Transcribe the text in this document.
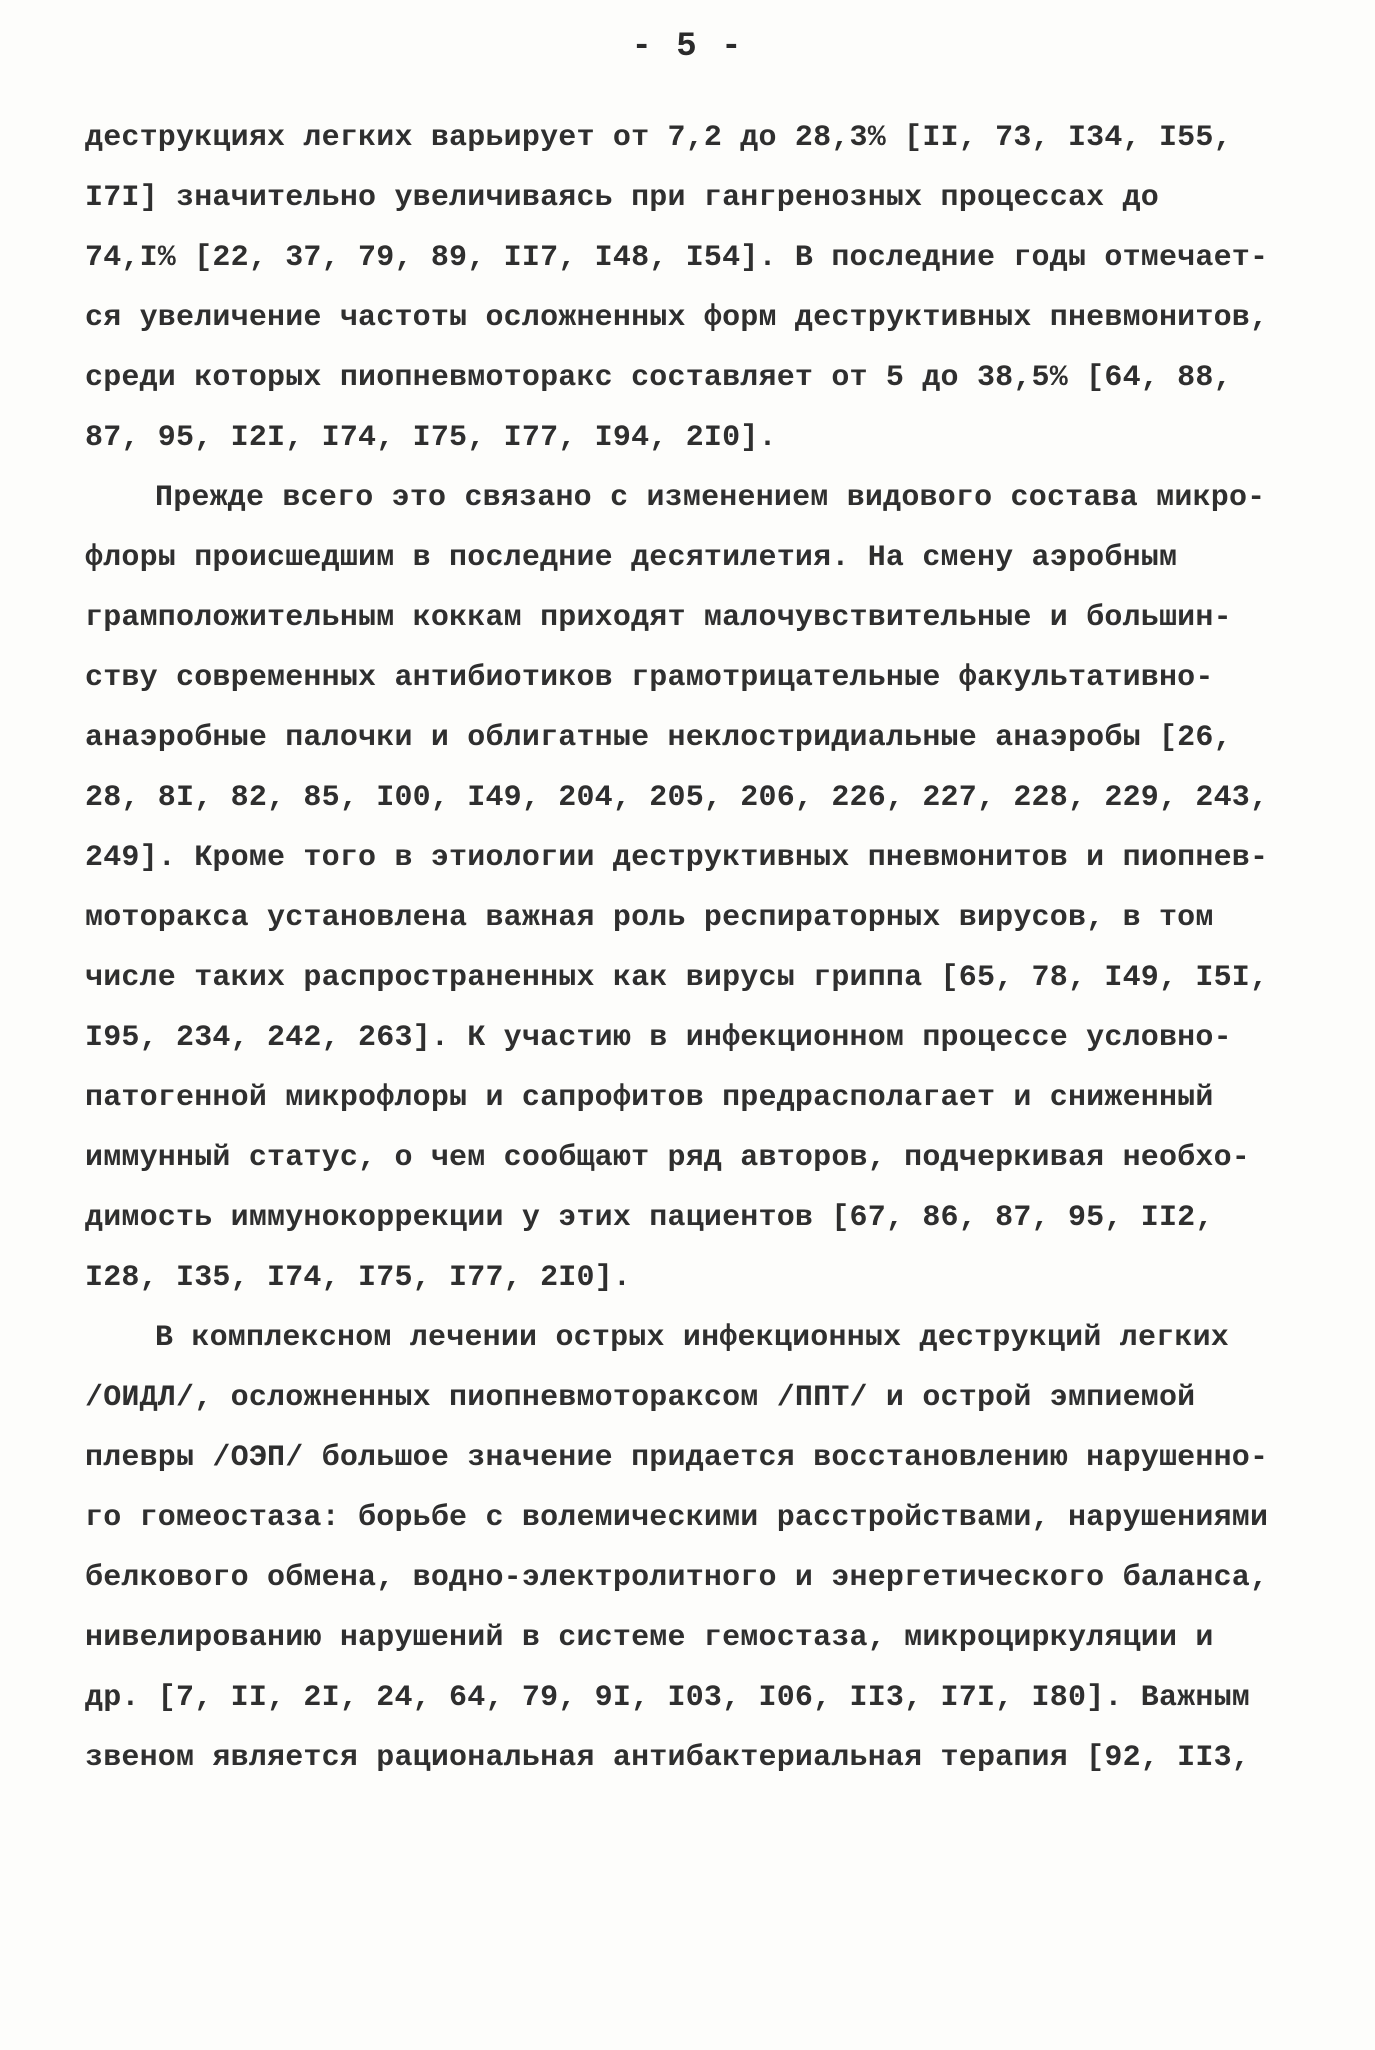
- 5 -
деструкциях легких варьирует от 7,2 до 28,3% [II, 73, I34, I55,
I7I] значительно увеличиваясь при гангренозных процессах до
74,I% [22, 37, 79, 89, II7, I48, I54]. В последние годы отмечает-
ся увеличение частоты осложненных форм деструктивных пневмонитов,
среди которых пиопневмоторакс составляет от 5 до 38,5% [64, 88,
87, 95, I2I, I74, I75, I77, I94, 2I0].
Прежде всего это связано с изменением видового состава микро-
флоры происшедшим в последние десятилетия. На смену аэробным
грамположительным коккам приходят малочувствительные и большин-
ству современных антибиотиков грамотрицательные факультативно-
анаэробные палочки и облигатные неклостридиальные анаэробы [26,
28, 8I, 82, 85, I00, I49, 204, 205, 206, 226, 227, 228, 229, 243,
249]. Кроме того в этиологии деструктивных пневмонитов и пиопнев-
моторакса установлена важная роль респираторных вирусов, в том
числе таких распространенных как вирусы гриппа [65, 78, I49, I5I,
I95, 234, 242, 263]. К участию в инфекционном процессе условно-
патогенной микрофлоры и сапрофитов предрасполагает и сниженный
иммунный статус, о чем сообщают ряд авторов, подчеркивая необхо-
димость иммунокоррекции у этих пациентов [67, 86, 87, 95, II2,
I28, I35, I74, I75, I77, 2I0].
В комплексном лечении острых инфекционных деструкций легких
/ОИДЛ/, осложненных пиопневмотораксом /ППТ/ и острой эмпиемой
плевры /ОЭП/ большое значение придается восстановлению нарушенно-
го гомеостаза: борьбе с волемическими расстройствами, нарушениями
белкового обмена, водно-электролитного и энергетического баланса,
нивелированию нарушений в системе гемостаза, микроциркуляции и
др. [7, II, 2I, 24, 64, 79, 9I, I03, I06, II3, I7I, I80]. Важным
звеном является рациональная антибактериальная терапия [92, II3,
